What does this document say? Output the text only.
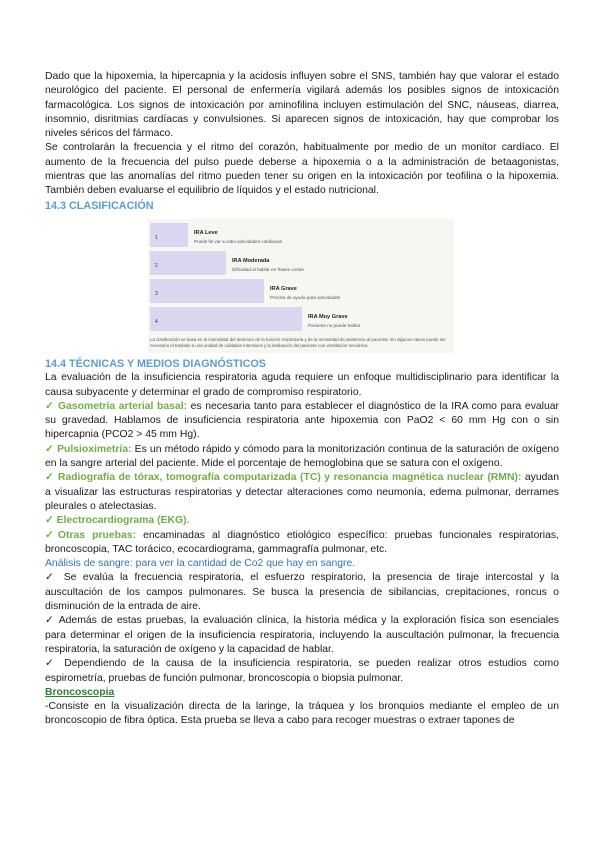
Dado que la hipoxemia, la hipercapnia y la acidosis influyen sobre el SNS, también hay que valorar el estado neurológico del paciente. El personal de enfermería vigilará además los posibles signos de intoxicación farmacológica. Los signos de intoxicación por aminofilina incluyen estimulación del SNC, náuseas, diarrea, insomnio, disritmias cardíacas y convulsiones. Si aparecen signos de intoxicación, hay que comprobar los niveles séricos del fármaco.

Se controlarán la frecuencia y el ritmo del corazón, habitualmente por medio de un monitor cardíaco. El aumento de la frecuencia del pulso puede deberse a hipoxemia o a la administración de betaagonistas, mientras que las anomalías del ritmo pueden tener su origen en la intoxicación por teofilina o la hipoxemia. También deben evaluarse el equilibrio de líquidos y el estado nutricional.

14.3 CLASIFICACIÓN
1
IRA Leve
Puede lle var a cabo actividades cotidianas
2
IRA Moderada
Dificultad al hablar en frases cortas
3
IRA Grave
Precisa de ayuda para actividades
4
IRA Muy Grave
Paciente no puede hablar
La clasificación se basa en la intensidad del deterioro de la función respiratoria y de la necesidad de asistencia al paciente. En algunos casos puede ser necesario el traslado a una unidad de cuidados intensivos y la intubación del paciente con ventilación mecánica.
14.4 TÉCNICAS Y MEDIOS DIAGNÓSTICOS

La evaluación de la insuficiencia respiratoria aguda requiere un enfoque multidisciplinario para identificar la causa subyacente y determinar el grado de compromiso respiratorio.

✓ Gasometría arterial basal: es necesaria tanto para establecer el diagnóstico de la IRA como para evaluar su gravedad. Hablamos de insuficiencia respiratoria ante hipoxemia con PaO2 < 60 mm Hg con o sin hipercapnia (PCO2 > 45 mm Hg).

✓ Pulsioximetría: Es un método rápido y cómodo para la monitorización continua de la saturación de oxígeno en la sangre arterial del paciente. Mide el porcentaje de hemoglobina que se satura con el oxígeno.

✓ Radiografía de tórax, tomografía computarizada (TC) y resonancia magnética nuclear (RMN): ayudan a visualizar las estructuras respiratorias y detectar alteraciones como neumonía, edema pulmonar, derrames pleurales o atelectasias.

✓ Electrocardiograma (EKG).

✓Otras pruebas: encaminadas al diagnóstico etiológico específico: pruebas funcionales respiratorias, broncoscopia, TAC torácico, ecocardiograma, gammagrafía pulmonar, etc.

Análisis de sangre: para ver la cantidad de Co2 que hay en sangre.

✓ Se evalúa la frecuencia respiratoria, el esfuerzo respiratorio, la presencia de tiraje intercostal y la auscultación de los campos pulmonares. Se busca la presencia de sibilancias, crepitaciones, roncus o disminución de la entrada de aire.

✓ Además de estas pruebas, la evaluación clínica, la historia médica y la exploración física son esenciales para determinar el origen de la insuficiencia respiratoria, incluyendo la auscultación pulmonar, la frecuencia respiratoria, la saturación de oxígeno y la capacidad de hablar.

✓ Dependiendo de la causa de la insuficiencia respiratoria, se pueden realizar otros estudios como espirometría, pruebas de función pulmonar, broncoscopia o biopsia pulmonar.

Broncoscopia

-Consiste en la visualización directa de la laringe, la tráquea y los bronquios mediante el empleo de un broncoscopio de fibra óptica. Esta prueba se lleva a cabo para recoger muestras o extraer tapones de
